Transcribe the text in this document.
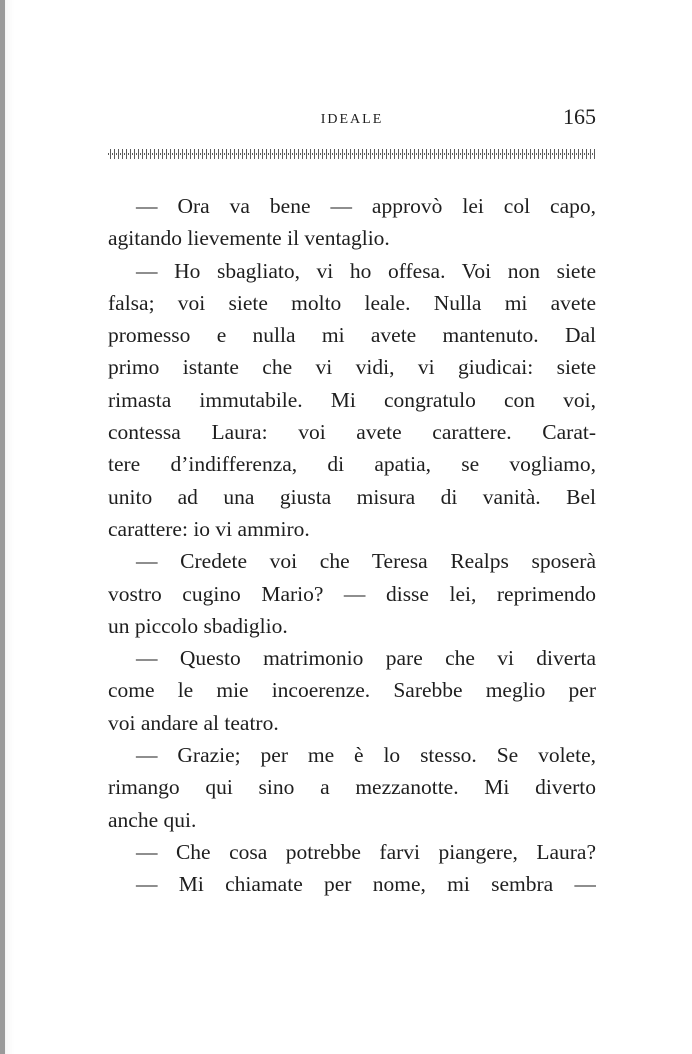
IDEALE	165
— Ora va bene — approvò lei col capo,
agitando lievemente il ventaglio.
— Ho sbagliato, vi ho offesa. Voi non siete
falsa; voi siete molto leale. Nulla mi avete
promesso e nulla mi avete mantenuto. Dal
primo istante che vi vidi, vi giudicai: siete
rimasta immutabile. Mi congratulo con voi,
contessa Laura: voi avete carattere. Carat-
tere d’indifferenza, di apatia, se vogliamo,
unito ad una giusta misura di vanità. Bel
carattere: io vi ammiro.
— Credete voi che Teresa Realps sposerà
vostro cugino Mario? — disse lei, reprimendo
un piccolo sbadiglio.
— Questo matrimonio pare che vi diverta
come le mie incoerenze. Sarebbe meglio per
voi andare al teatro.
— Grazie; per me è lo stesso. Se volete,
rimango qui sino a mezzanotte. Mi diverto
anche qui.
— Che cosa potrebbe farvi piangere, Laura?
— Mi chiamate per nome, mi sembra —
